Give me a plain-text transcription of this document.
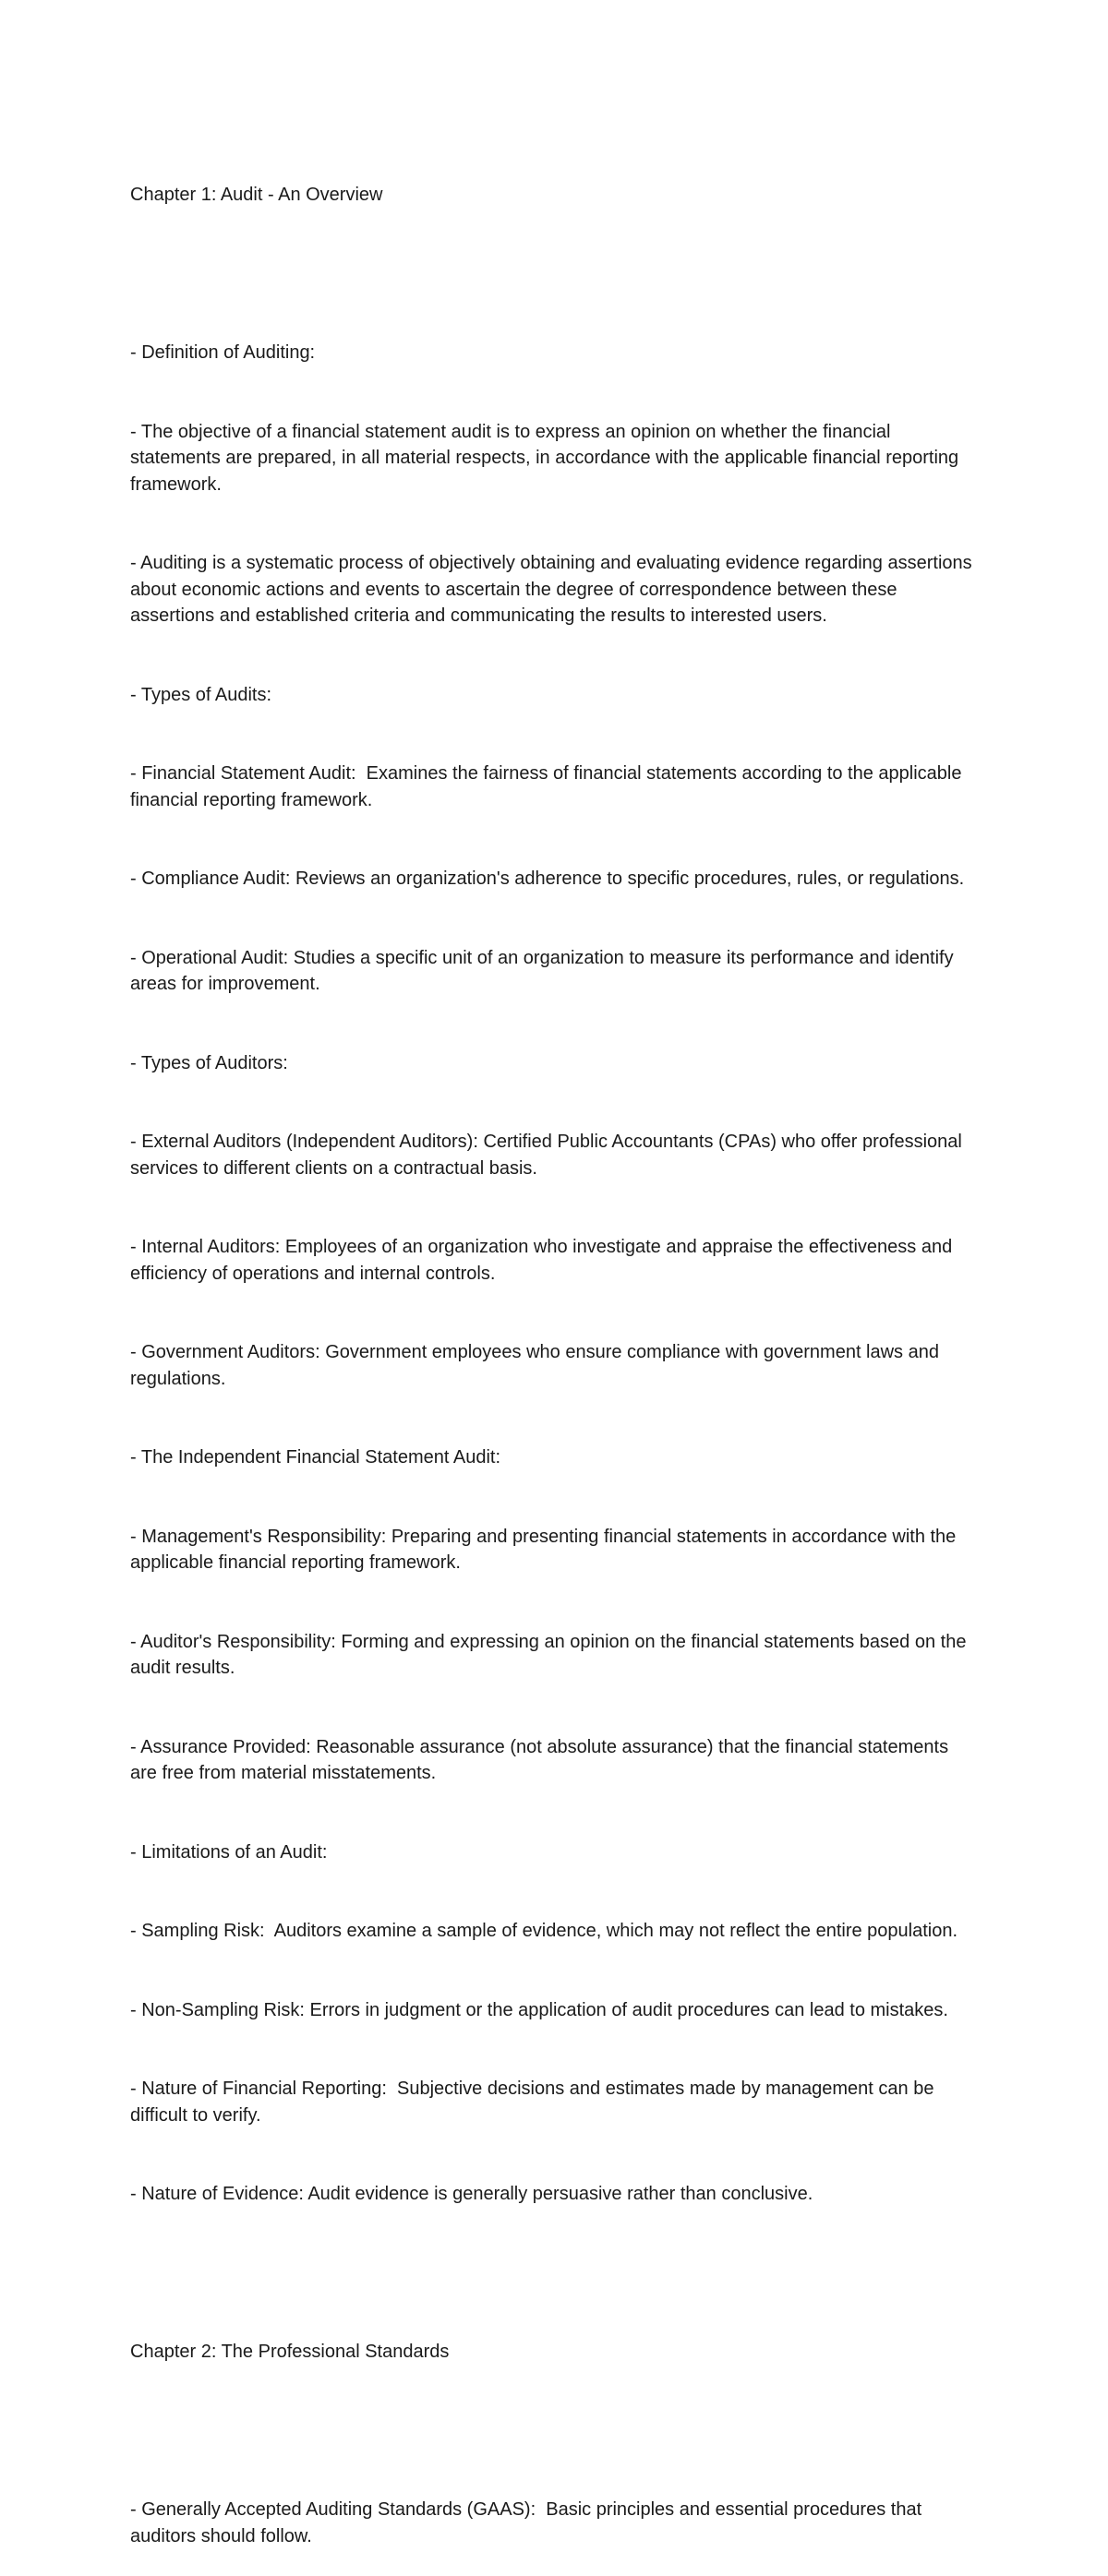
Chapter 1: Audit - An Overview

- Definition of Auditing:

- The objective of a financial statement audit is to express an opinion on whether the financial statements are prepared, in all material respects, in accordance with the applicable financial reporting framework.

- Auditing is a systematic process of objectively obtaining and evaluating evidence regarding assertions about economic actions and events to ascertain the degree of correspondence between these assertions and established criteria and communicating the results to interested users.

- Types of Audits:

- Financial Statement Audit:  Examines the fairness of financial statements according to the applicable financial reporting framework.

- Compliance Audit: Reviews an organization's adherence to specific procedures, rules, or regulations.

- Operational Audit: Studies a specific unit of an organization to measure its performance and identify areas for improvement.

- Types of Auditors:

- External Auditors (Independent Auditors): Certified Public Accountants (CPAs) who offer professional services to different clients on a contractual basis.

- Internal Auditors: Employees of an organization who investigate and appraise the effectiveness and efficiency of operations and internal controls.

- Government Auditors: Government employees who ensure compliance with government laws and regulations.

- The Independent Financial Statement Audit:

- Management's Responsibility: Preparing and presenting financial statements in accordance with the applicable financial reporting framework.

- Auditor's Responsibility: Forming and expressing an opinion on the financial statements based on the audit results.

- Assurance Provided: Reasonable assurance (not absolute assurance) that the financial statements are free from material misstatements.

- Limitations of an Audit:

- Sampling Risk:  Auditors examine a sample of evidence, which may not reflect the entire population.

- Non-Sampling Risk: Errors in judgment or the application of audit procedures can lead to mistakes.

- Nature of Financial Reporting:  Subjective decisions and estimates made by management can be difficult to verify.

- Nature of Evidence: Audit evidence is generally persuasive rather than conclusive.

Chapter 2: The Professional Standards

- Generally Accepted Auditing Standards (GAAS):  Basic principles and essential procedures that auditors should follow.
